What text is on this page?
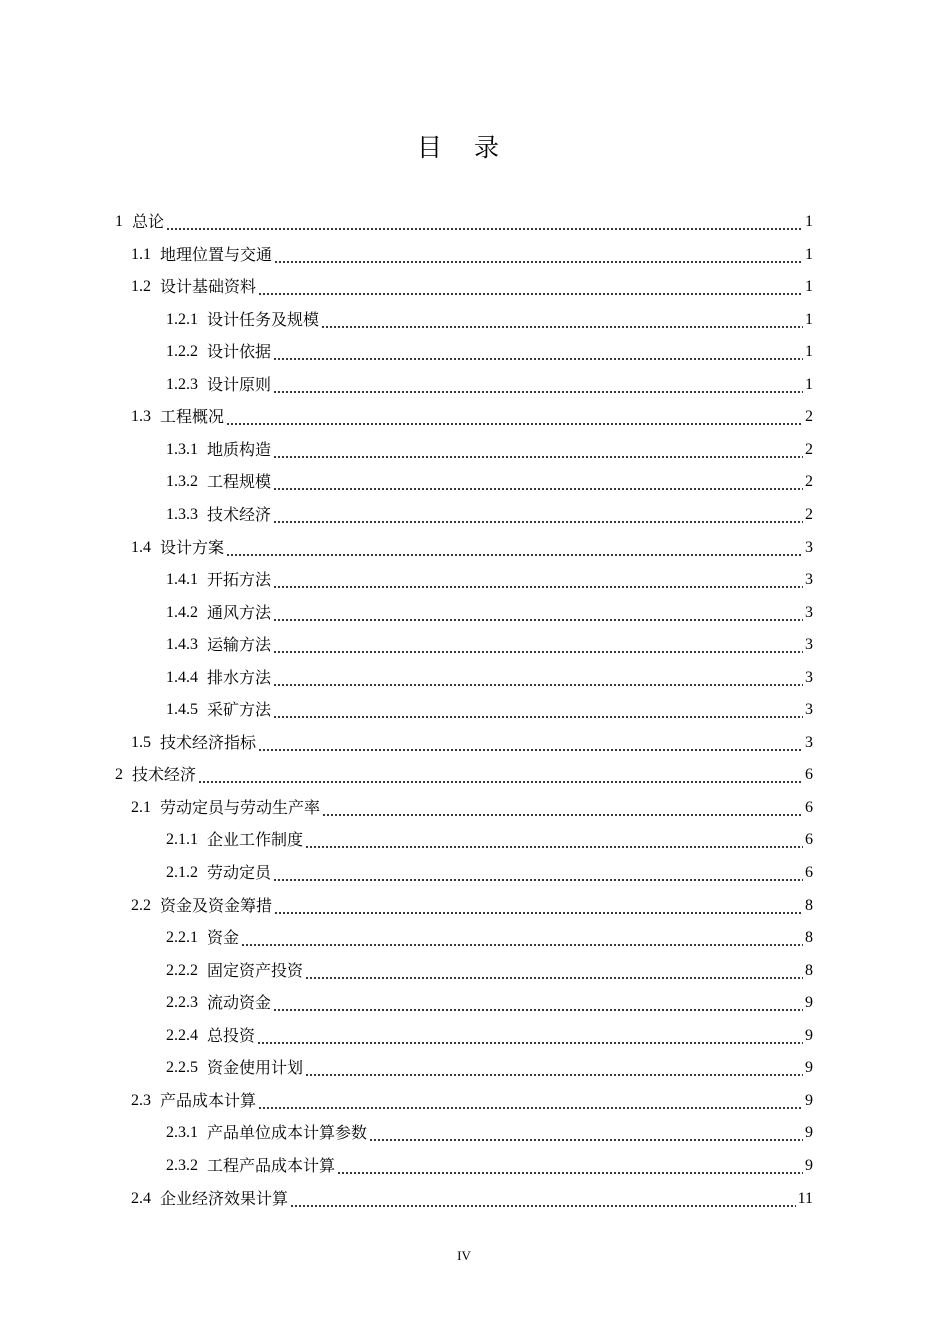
目 录
1 总论	1
1.1 地理位置与交通	1
1.2 设计基础资料	1
1.2.1 设计任务及规模	1
1.2.2 设计依据	1
1.2.3 设计原则	1
1.3 工程概况	2
1.3.1 地质构造	2
1.3.2 工程规模	2
1.3.3 技术经济	2
1.4 设计方案	3
1.4.1 开拓方法	3
1.4.2 通风方法	3
1.4.3 运输方法	3
1.4.4 排水方法	3
1.4.5 采矿方法	3
1.5 技术经济指标	3
2 技术经济	6
2.1 劳动定员与劳动生产率	6
2.1.1 企业工作制度	6
2.1.2 劳动定员	6
2.2 资金及资金筹措	8
2.2.1 资金	8
2.2.2 固定资产投资	8
2.2.3 流动资金	9
2.2.4 总投资	9
2.2.5 资金使用计划	9
2.3 产品成本计算	9
2.3.1 产品单位成本计算参数	9
2.3.2 工程产品成本计算	9
2.4 企业经济效果计算	11
IV
